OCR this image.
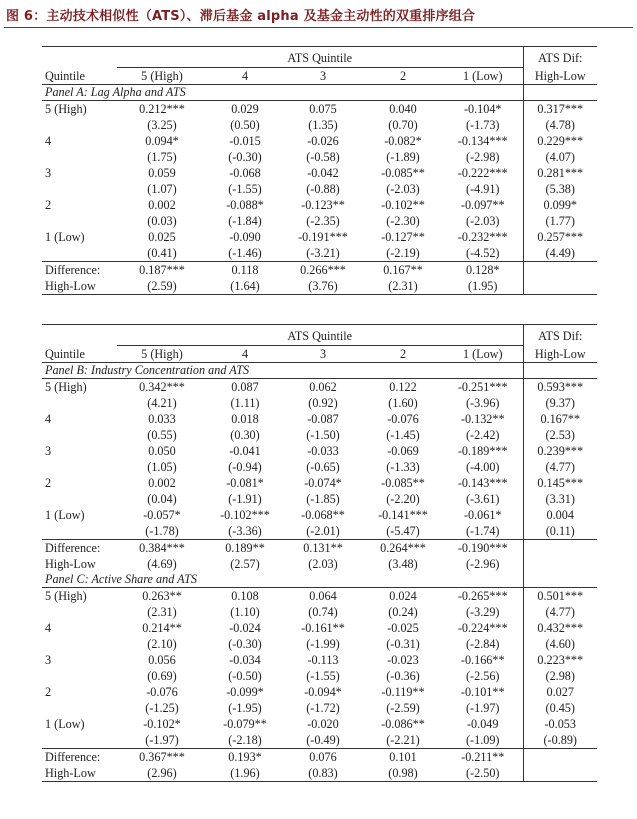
图 6：主动技术相似性（ATS）、滞后基金 alpha 及基金主动性的双重排序组合

	ATS Quintile					ATS Dif:
Quintile	5 (High)	4	3	2	1 (Low)	High-Low
Panel A: Lag Alpha and ATS						
5 (High)	0.212***	0.029	0.075	0.040	-0.104*	0.317***
	(3.25)	(0.50)	(1.35)	(0.70)	(-1.73)	(4.78)
4	0.094*	-0.015	-0.026	-0.082*	-0.134***	0.229***
	(1.75)	(-0.30)	(-0.58)	(-1.89)	(-2.98)	(4.07)
3	0.059	-0.068	-0.042	-0.085**	-0.222***	0.281***
	(1.07)	(-1.55)	(-0.88)	(-2.03)	(-4.91)	(5.38)
2	0.002	-0.088*	-0.123**	-0.102**	-0.097**	0.099*
	(0.03)	(-1.84)	(-2.35)	(-2.30)	(-2.03)	(1.77)
1 (Low)	0.025	-0.090	-0.191***	-0.127**	-0.232***	0.257***
	(0.41)	(-1.46)	(-3.21)	(-2.19)	(-4.52)	(4.49)
Difference:	0.187***	0.118	0.266***	0.167**	0.128*	
High-Low	(2.59)	(1.64)	(3.76)	(2.31)	(1.95)	

	ATS Quintile					ATS Dif:
Quintile	5 (High)	4	3	2	1 (Low)	High-Low
Panel B: Industry Concentration and ATS						
5 (High)	0.342***	0.087	0.062	0.122	-0.251***	0.593***
	(4.21)	(1.11)	(0.92)	(1.60)	(-3.96)	(9.37)
4	0.033	0.018	-0.087	-0.076	-0.132**	0.167**
	(0.55)	(0.30)	(-1.50)	(-1.45)	(-2.42)	(2.53)
3	0.050	-0.041	-0.033	-0.069	-0.189***	0.239***
	(1.05)	(-0.94)	(-0.65)	(-1.33)	(-4.00)	(4.77)
2	0.002	-0.081*	-0.074*	-0.085**	-0.143***	0.145***
	(0.04)	(-1.91)	(-1.85)	(-2.20)	(-3.61)	(3.31)
1 (Low)	-0.057*	-0.102***	-0.068**	-0.141***	-0.061*	0.004
	(-1.78)	(-3.36)	(-2.01)	(-5.47)	(-1.74)	(0.11)
Difference:	0.384***	0.189**	0.131**	0.264***	-0.190***	
High-Low	(4.69)	(2.57)	(2.03)	(3.48)	(-2.96)	
Panel C: Active Share and ATS						
5 (High)	0.263**	0.108	0.064	0.024	-0.265***	0.501***
	(2.31)	(1.10)	(0.74)	(0.24)	(-3.29)	(4.77)
4	0.214**	-0.024	-0.161**	-0.025	-0.224***	0.432***
	(2.10)	(-0.30)	(-1.99)	(-0.31)	(-2.84)	(4.60)
3	0.056	-0.034	-0.113	-0.023	-0.166**	0.223***
	(0.69)	(-0.50)	(-1.55)	(-0.36)	(-2.56)	(2.98)
2	-0.076	-0.099*	-0.094*	-0.119**	-0.101**	0.027
	(-1.25)	(-1.95)	(-1.72)	(-2.59)	(-1.97)	(0.45)
1 (Low)	-0.102*	-0.079**	-0.020	-0.086**	-0.049	-0.053
	(-1.97)	(-2.18)	(-0.49)	(-2.21)	(-1.09)	(-0.89)
Difference:	0.367***	0.193*	0.076	0.101	-0.211**	
High-Low	(2.96)	(1.96)	(0.83)	(0.98)	(-2.50)	
